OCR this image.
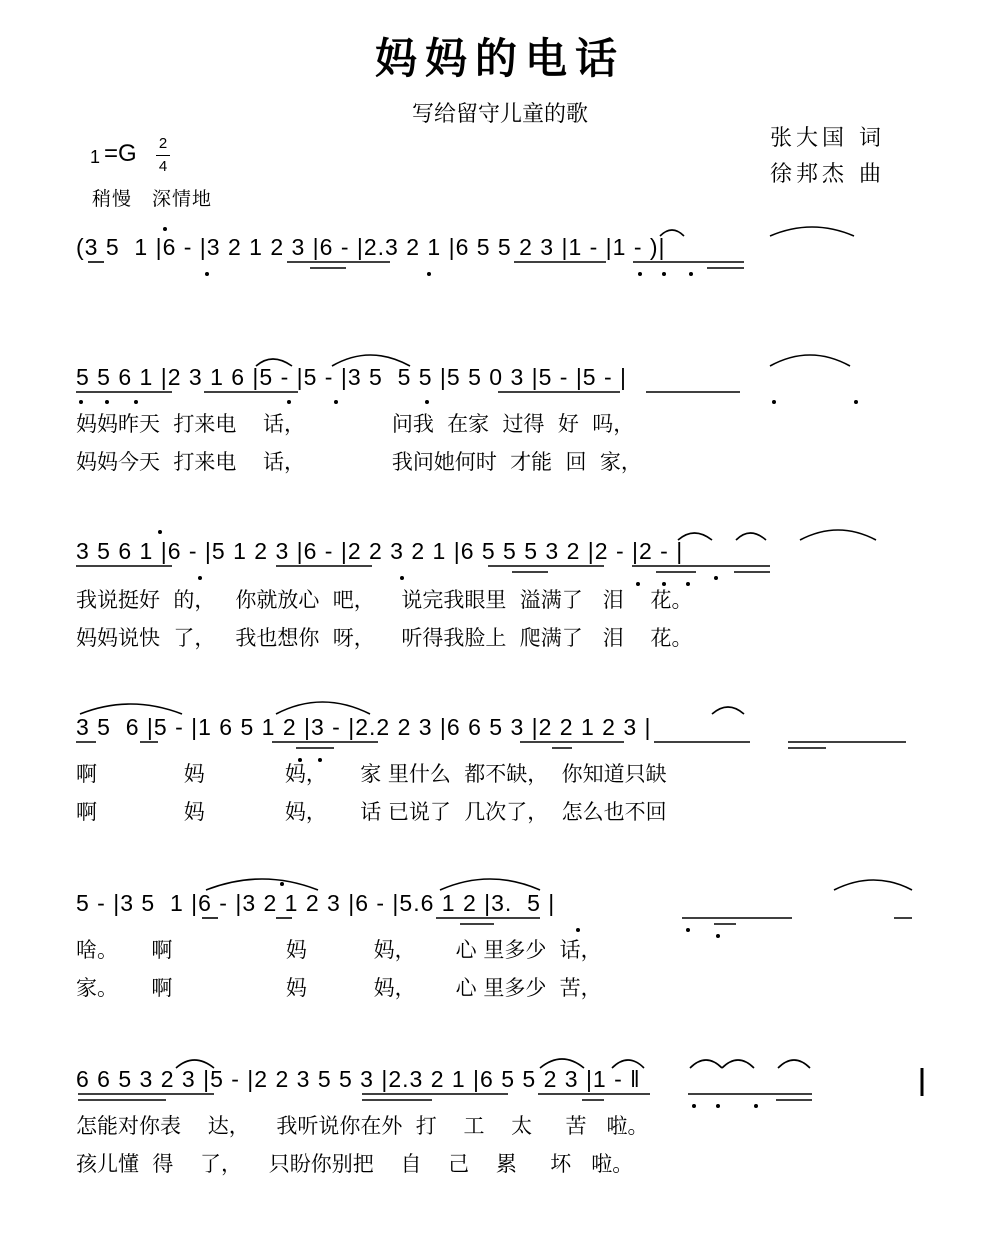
妈妈的电话
写给留守儿童的歌
张大国 词
徐邦杰 曲
1 =G 2
4
稍慢　深情地
(3 5  1 |6 - |3 2 1 2 3 |6 - |2.3 2 1 |6 5 5 2 3 |1 - |1 - )|
5 5 6 1 |2 3 1 6 |5 - |5 - |3 5  5 5 |5 5 0 3 |5 - |5 - |
妈妈昨天  打来电    话，             问我  在家  过得  好  吗，
妈妈今天  打来电    话，             我问她何时  才能  回  家，
3 5 6 1 |6 - |5 1 2 3 |6 - |2 2 3 2 1 |6 5 5 5 3 2 |2 - |2 - |
我说挺好  的，   你就放心  吧，    说完我眼里  溢满了   泪    花。
妈妈说快  了，   我也想你  呀，    听得我脸上  爬满了   泪    花。
3 5  6 |5 - |1 6 5 1 2 |3 - |2.2 2 3 |6 6 5 3 |2 2 1 2 3 |
啊             妈            妈，     家 里什么  都不缺，  你知道只缺
啊             妈            妈，     话 已说了  几次了，  怎么也不回
5 - |3 5  1 |6 - |3 2 1 2 3 |6 - |5.6 1 2 |3.  5 |
啥。     啊                 妈          妈，      心 里多少  话，
家。     啊                 妈          妈，      心 里多少  苦，
6 6 5 3 2 3 |5 - |2 2 3 5 5 3 |2.3 2 1 |6 5 5 2 3 |1 - ‖
怎能对你表    达，    我听说你在外  打    工    太     苦   啦。
孩儿懂  得    了，    只盼你别把    自    己    累     坏   啦。
